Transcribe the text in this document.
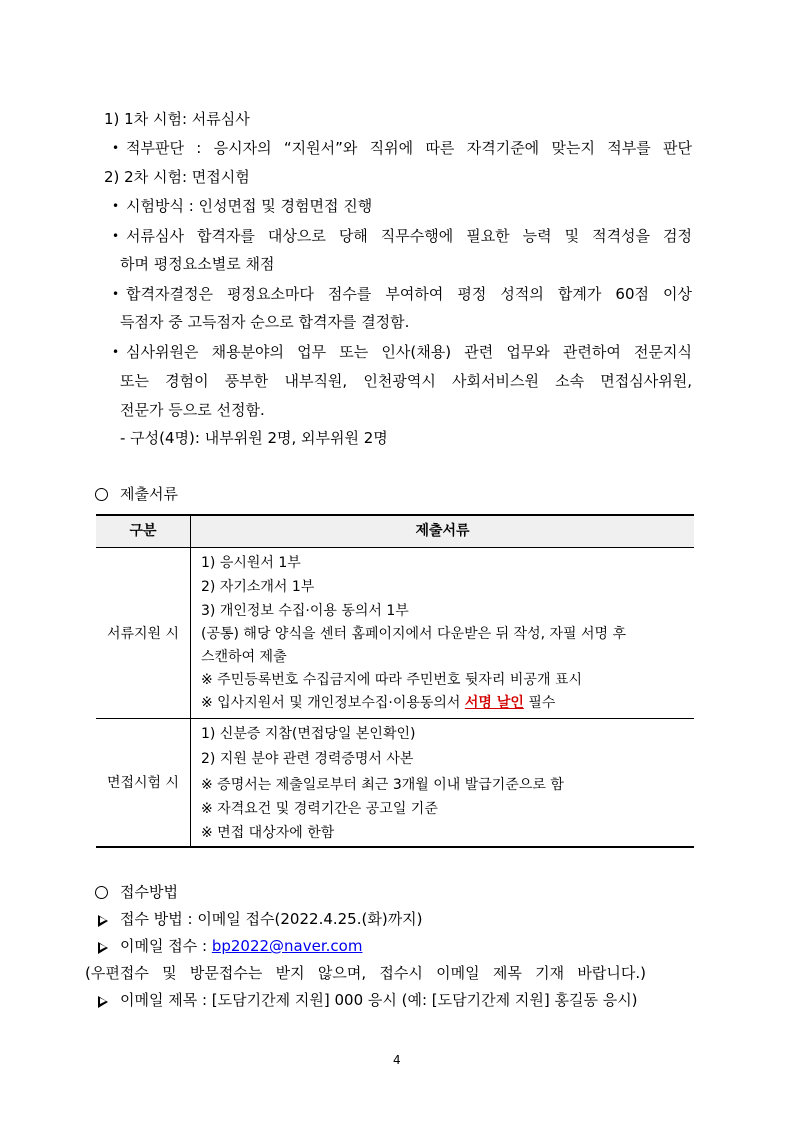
1) 1차 시험: 서류심사
• 적부판단 : 응시자의 “지원서”와 직위에 따른 자격기준에 맞는지 적부를 판단
2) 2차 시험: 면접시험
• 시험방식 : 인성면접 및 경험면접 진행
• 서류심사 합격자를 대상으로 당해 직무수행에 필요한 능력 및 적격성을 검정
하며 평정요소별로 채점
• 합격자결정은 평정요소마다 점수를 부여하여 평정 성적의 합계가 60점 이상
득점자 중 고득점자 순으로 합격자를 결정함.
• 심사위원은 채용분야의 업무 또는 인사(채용) 관련 업무와 관련하여 전문지식
또는 경험이 풍부한 내부직원, 인천광역시 사회서비스원 소속 면접심사위원,
전문가 등으로 선정함.
- 구성(4명): 내부위원 2명, 외부위원 2명
제출서류
구분	제출서류
서류지원 시
1) 응시원서 1부
2) 자기소개서 1부
3) 개인정보 수집·이용 동의서 1부
(공통) 해당 양식을 센터 홈페이지에서 다운받은 뒤 작성, 자필 서명 후
스캔하여 제출
※ 주민등록번호 수집금지에 따라 주민번호 뒷자리 비공개 표시
※ 입사지원서 및 개인정보수집·이용동의서 서명 날인 필수
면접시험 시
1) 신분증 지참(면접당일 본인확인)
2) 지원 분야 관련 경력증명서 사본
※ 증명서는 제출일로부터 최근 3개월 이내 발급기준으로 함
※ 자격요건 및 경력기간은 공고일 기준
※ 면접 대상자에 한함
접수방법
접수 방법 : 이메일 접수(2022.4.25.(화)까지)
이메일 접수 : bp2022@naver.com
(우편접수 및 방문접수는 받지 않으며, 접수시 이메일 제목 기재 바랍니다.)
이메일 제목 : [도담기간제 지원] 000 응시 (예: [도담기간제 지원] 홍길동 응시)
4
